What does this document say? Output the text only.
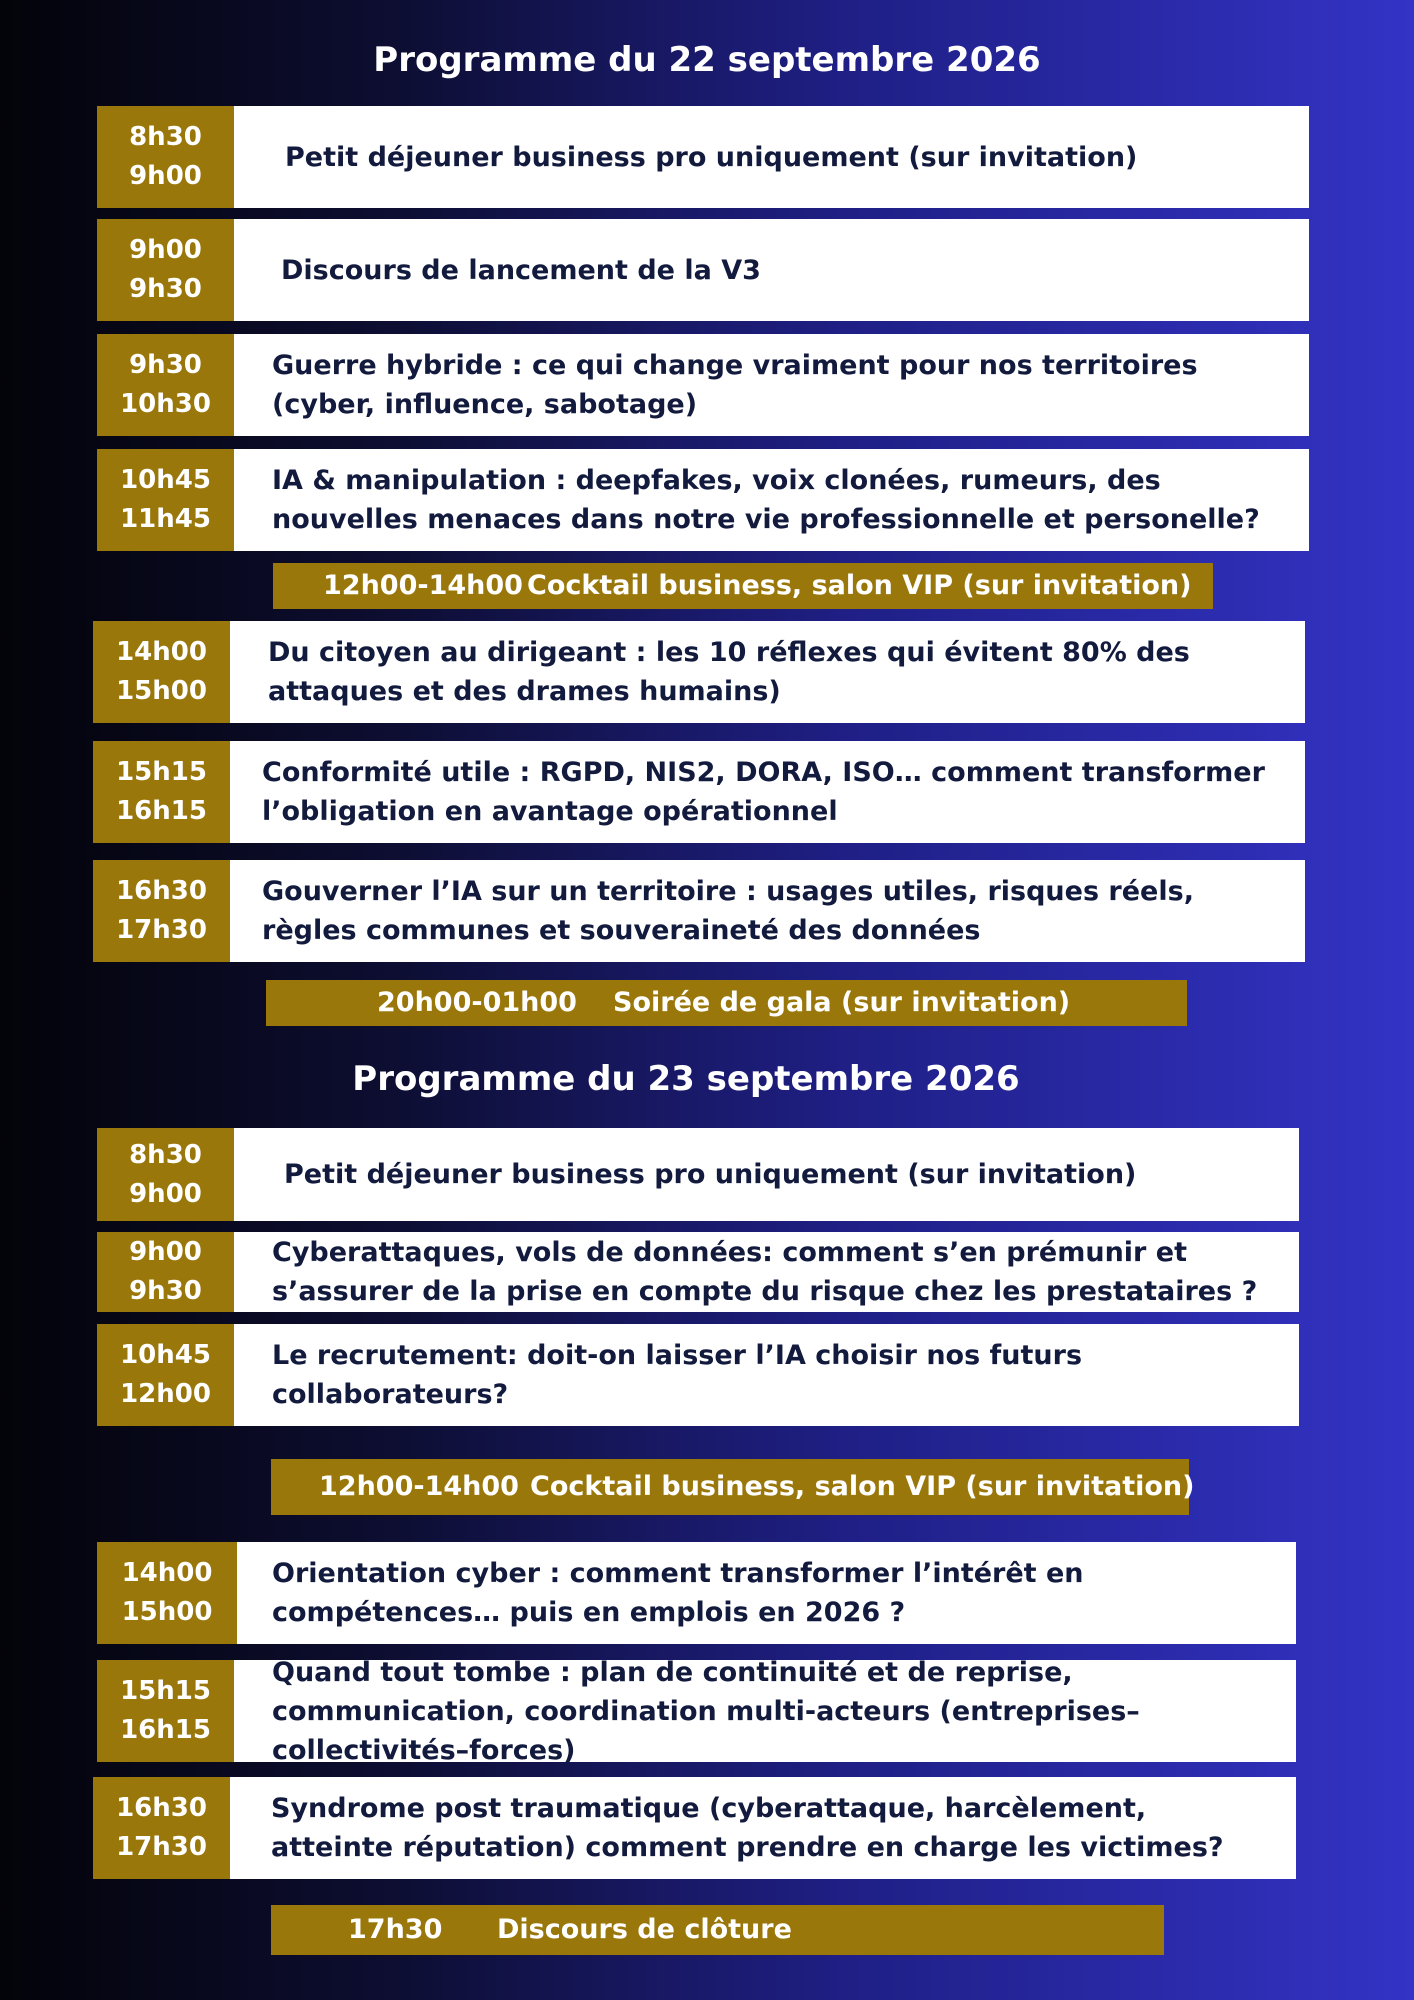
Programme du 22 septembre 2026
8h30
9h00
Petit déjeuner business pro uniquement (sur invitation)
9h00
9h30
Discours de lancement de la V3
9h30
10h30
Guerre hybride : ce qui change vraiment pour nos territoires (cyber, influence, sabotage)
10h45
11h45
IA & manipulation : deepfakes, voix clonées, rumeurs, des nouvelles menaces dans notre vie professionnelle et personelle?
12h00-14h00 Cocktail business, salon VIP (sur invitation)
14h00
15h00
Du citoyen au dirigeant : les 10 réflexes qui évitent 80% des attaques et des drames humains)
15h15
16h15
Conformité utile : RGPD, NIS2, DORA, ISO… comment transformer l’obligation en avantage opérationnel
16h30
17h30
Gouverner l’IA sur un territoire : usages utiles, risques réels, règles communes et souveraineté des données
20h00-01h00 Soirée de gala (sur invitation)
Programme du 23 septembre 2026
8h30
9h00
Petit déjeuner business pro uniquement (sur invitation)
9h00
9h30
Cyberattaques, vols de données: comment s’en prémunir et s’assurer de la prise en compte du risque chez les prestataires ?
10h45
12h00
Le recrutement: doit-on laisser l’IA choisir nos futurs collaborateurs?
12h00-14h00 Cocktail business, salon VIP (sur invitation)
14h00
15h00
Orientation cyber : comment transformer l’intérêt en compétences… puis en emplois en 2026 ?
15h15
16h15
Quand tout tombe : plan de continuité et de reprise, communication, coordination multi-acteurs (entreprises–collectivités–forces)
16h30
17h30
Syndrome post traumatique (cyberattaque, harcèlement, atteinte réputation) comment prendre en charge les victimes?
17h30 Discours de clôture
